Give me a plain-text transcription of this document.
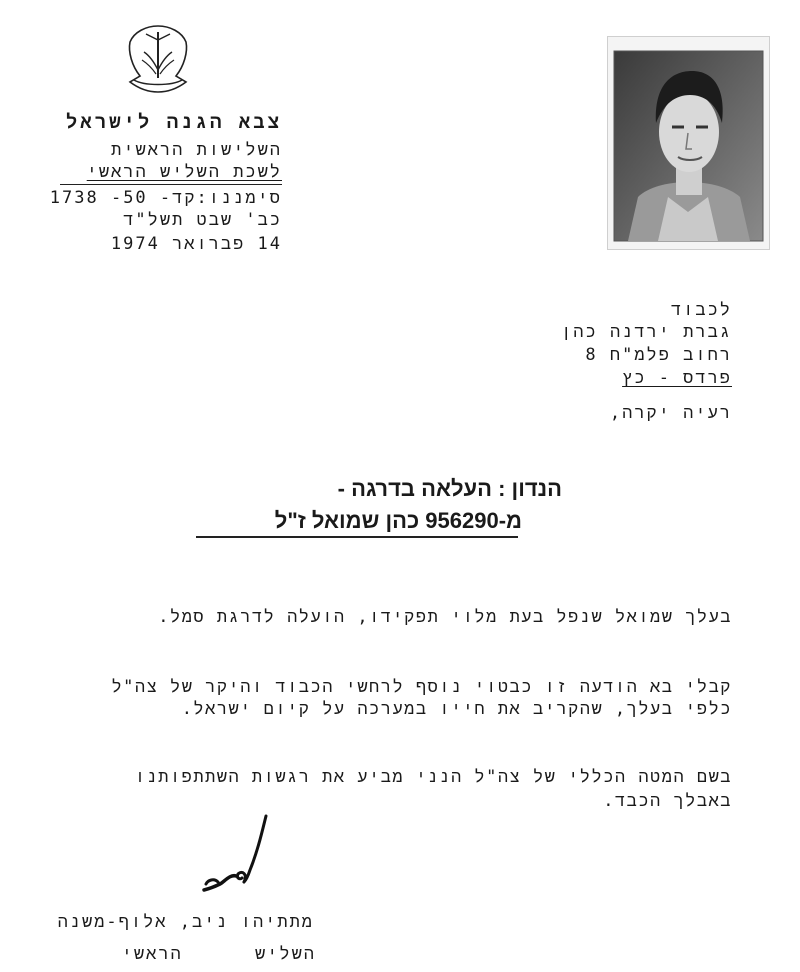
צבא הגנה לישראל
השלישות הראשית
לשכת השליש הראשי
סימננו:קד- 50- 1738
כב' שבט תשל"ד
14 פברואר 1974
לכבוד
גברת ירדנה כהן
רחוב פלמ"ח 8
פרדס - כץ
רעיה יקרה,
הנדון : העלאה בדרגה -
מ-956290 כהן שמואל ז"ל
בעלך שמואל שנפל בעת מלוי תפקידו, הועלה לדרגת סמל.
קבלי בא הודעה זו כבטוי נוסף לרחשי הכבוד והיקר של צה"ל
כלפי בעלך, שהקריב את חייו במערכה על קיום ישראל.
בשם המטה הכללי של צה"ל הנני מביע את רגשות השתתפותנו
באבלך הכבד.
מתתיהו ניב, אלוף-משנה
השליש הראשי
